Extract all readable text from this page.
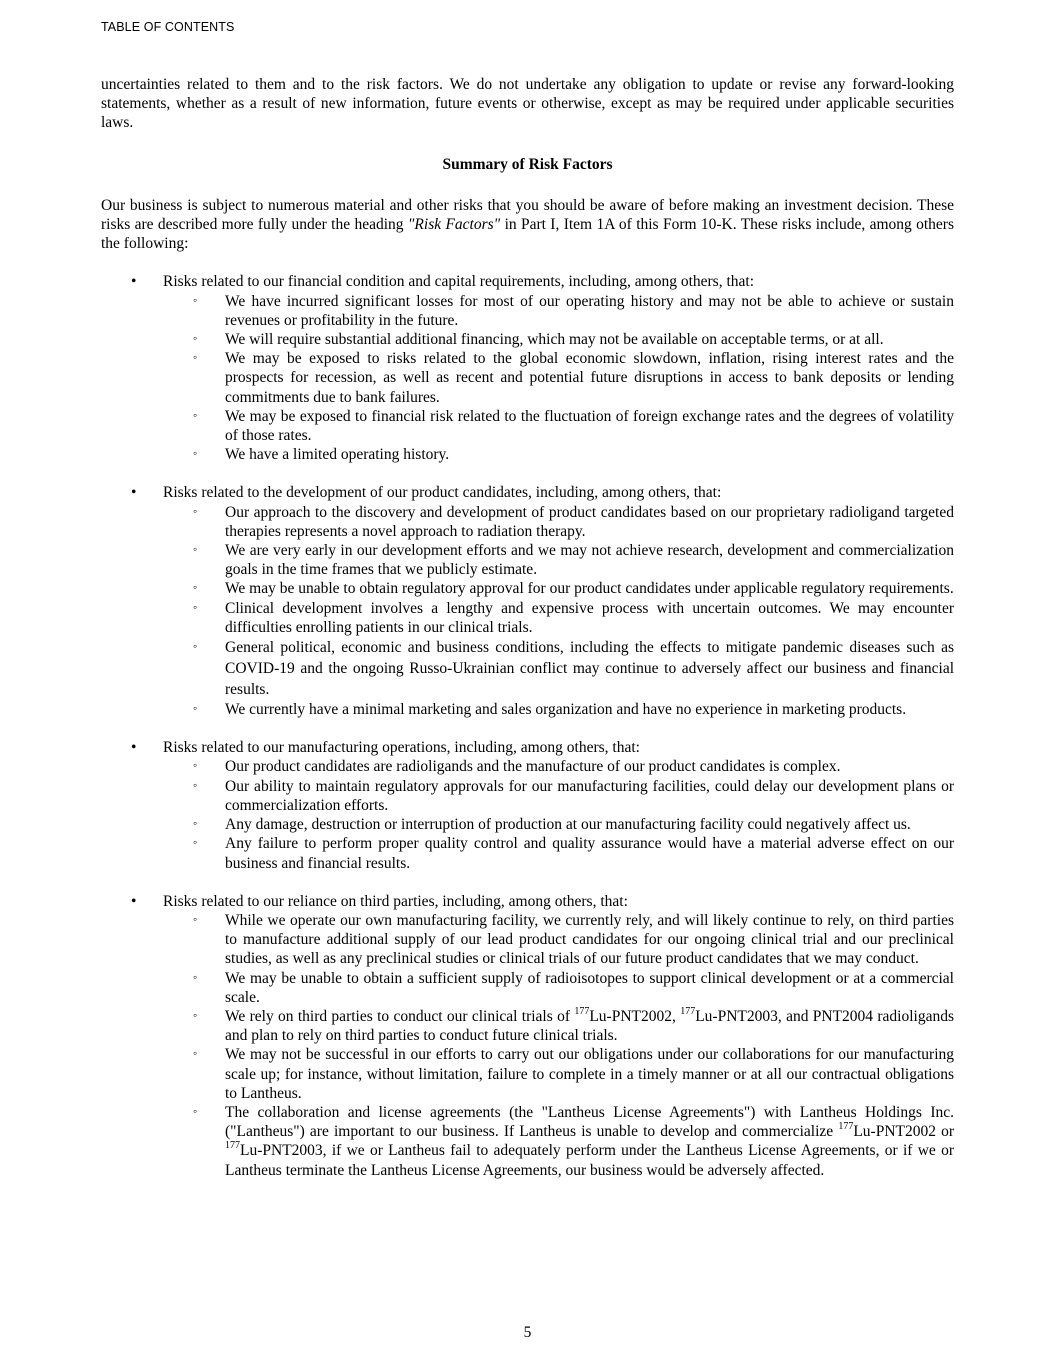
TABLE OF CONTENTS

uncertainties related to them and to the risk factors. We do not undertake any obligation to update or revise any forward-looking statements, whether as a result of new information, future events or otherwise, except as may be required under applicable securities laws.

Summary of Risk Factors

Our business is subject to numerous material and other risks that you should be aware of before making an investment decision. These risks are described more fully under the heading "Risk Factors" in Part I, Item 1A of this Form 10-K. These risks include, among others the following:

• Risks related to our financial condition and capital requirements, including, among others, that:
◦ We have incurred significant losses for most of our operating history and may not be able to achieve or sustain revenues or profitability in the future.
◦ We will require substantial additional financing, which may not be available on acceptable terms, or at all.
◦ We may be exposed to risks related to the global economic slowdown, inflation, rising interest rates and the prospects for recession, as well as recent and potential future disruptions in access to bank deposits or lending commitments due to bank failures.
◦ We may be exposed to financial risk related to the fluctuation of foreign exchange rates and the degrees of volatility of those rates.
◦ We have a limited operating history.
• Risks related to the development of our product candidates, including, among others, that:
◦ Our approach to the discovery and development of product candidates based on our proprietary radioligand targeted therapies represents a novel approach to radiation therapy.
◦ We are very early in our development efforts and we may not achieve research, development and commercialization goals in the time frames that we publicly estimate.
◦ We may be unable to obtain regulatory approval for our product candidates under applicable regulatory requirements.
◦ Clinical development involves a lengthy and expensive process with uncertain outcomes. We may encounter difficulties enrolling patients in our clinical trials.
◦ General political, economic and business conditions, including the effects to mitigate pandemic diseases such as COVID-19 and the ongoing Russo-Ukrainian conflict may continue to adversely affect our business and financial results.
◦ We currently have a minimal marketing and sales organization and have no experience in marketing products.
• Risks related to our manufacturing operations, including, among others, that:
◦ Our product candidates are radioligands and the manufacture of our product candidates is complex.
◦ Our ability to maintain regulatory approvals for our manufacturing facilities, could delay our development plans or commercialization efforts.
◦ Any damage, destruction or interruption of production at our manufacturing facility could negatively affect us.
◦ Any failure to perform proper quality control and quality assurance would have a material adverse effect on our business and financial results.
• Risks related to our reliance on third parties, including, among others, that:
◦ While we operate our own manufacturing facility, we currently rely, and will likely continue to rely, on third parties to manufacture additional supply of our lead product candidates for our ongoing clinical trial and our preclinical studies, as well as any preclinical studies or clinical trials of our future product candidates that we may conduct.
◦ We may be unable to obtain a sufficient supply of radioisotopes to support clinical development or at a commercial scale.
◦ We rely on third parties to conduct our clinical trials of $^{177}$Lu-PNT2002, $^{177}$Lu-PNT2003, and PNT2004 radioligands and plan to rely on third parties to conduct future clinical trials.
◦ We may not be successful in our efforts to carry out our obligations under our collaborations for our manufacturing scale up; for instance, without limitation, failure to complete in a timely manner or at all our contractual obligations to Lantheus.
◦ The collaboration and license agreements (the "Lantheus License Agreements") with Lantheus Holdings Inc. ("Lantheus") are important to our business. If Lantheus is unable to develop and commercialize $^{177}$Lu-PNT2002 or $^{177}$Lu-PNT2003, if we or Lantheus fail to adequately perform under the Lantheus License Agreements, or if we or Lantheus terminate the Lantheus License Agreements, our business would be adversely affected.
5
